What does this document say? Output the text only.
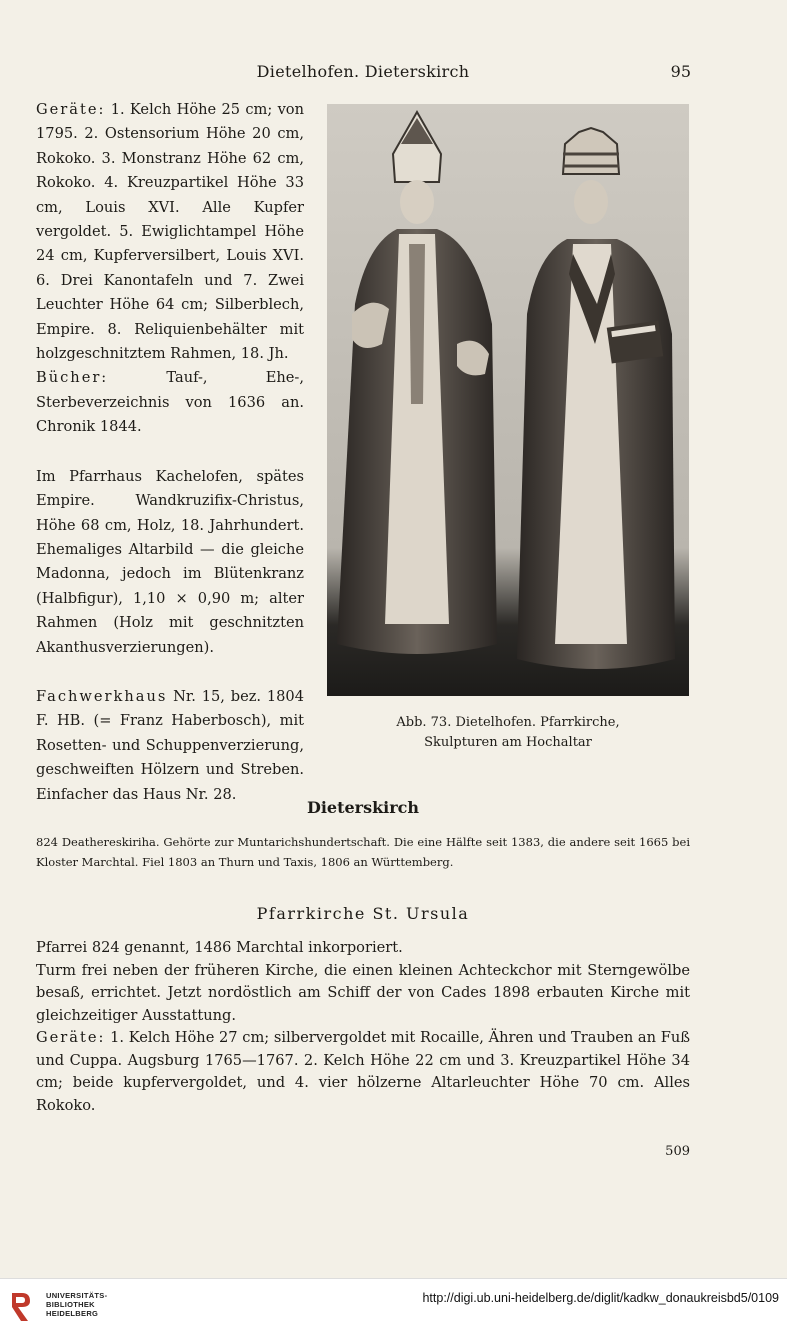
Dietelhofen. Dieterskirch	95

Geräte: 1. Kelch Höhe 25 cm; von 1795. 2. Ostensorium Höhe 20 cm, Rokoko. 3. Monstranz Höhe 62 cm, Rokoko. 4. Kreuzpartikel Höhe 33 cm, Louis XVI. Alle Kupfer vergoldet. 5. Ewiglichtampel Höhe 24 cm, Kupferversilbert, Louis XVI. 6. Drei Kanontafeln und 7. Zwei Leuchter Höhe 64 cm; Silberblech, Empire. 8. Reliquienbehälter mit holzgeschnitztem Rahmen, 18. Jh.

Bücher: Tauf-, Ehe-, Sterbeverzeichnis von 1636 an. Chronik 1844.

Im Pfarrhaus Kachelofen, spätes Empire. Wandkruzifix-Christus, Höhe 68 cm, Holz, 18. Jahrhundert. Ehemaliges Altarbild — die gleiche Madonna, jedoch im Blütenkranz (Halbfigur), 1,10 × 0,90 m; alter Rahmen (Holz mit geschnitzten Akanthusverzierungen).

Fachwerkhaus Nr. 15, bez. 1804 F. HB. (= Franz Haberbosch), mit Rosetten- und Schuppenverzierung, geschweiften Hölzern und Streben. Einfacher das Haus Nr. 28.

Abb. 73. Dietelhofen. Pfarrkirche,
Skulpturen am Hochaltar
Dieterskirch
824 Deathereskiriha. Gehörte zur Muntarichshundertschaft. Die eine Hälfte seit 1383, die andere seit 1665 bei Kloster Marchtal. Fiel 1803 an Thurn und Taxis, 1806 an Württemberg.
Pfarrkirche St. Ursula

Pfarrei 824 genannt, 1486 Marchtal inkorporiert.

Turm frei neben der früheren Kirche, die einen kleinen Achteckchor mit Sterngewölbe besaß, errichtet. Jetzt nordöstlich am Schiff der von Cades 1898 erbauten Kirche mit gleichzeitiger Ausstattung.

Geräte: 1. Kelch Höhe 27 cm; silbervergoldet mit Rocaille, Ähren und Trauben an Fuß und Cuppa. Augsburg 1765—1767. 2. Kelch Höhe 22 cm und 3. Kreuzpartikel Höhe 34 cm; beide kupfervergoldet, und 4. vier hölzerne Altarleuchter Höhe 70 cm. Alles Rokoko.

509
UNIVERSITÄTS-
BIBLIOTHEK
HEIDELBERG
http://digi.ub.uni-heidelberg.de/diglit/kadkw_donaukreisbd5/0109
